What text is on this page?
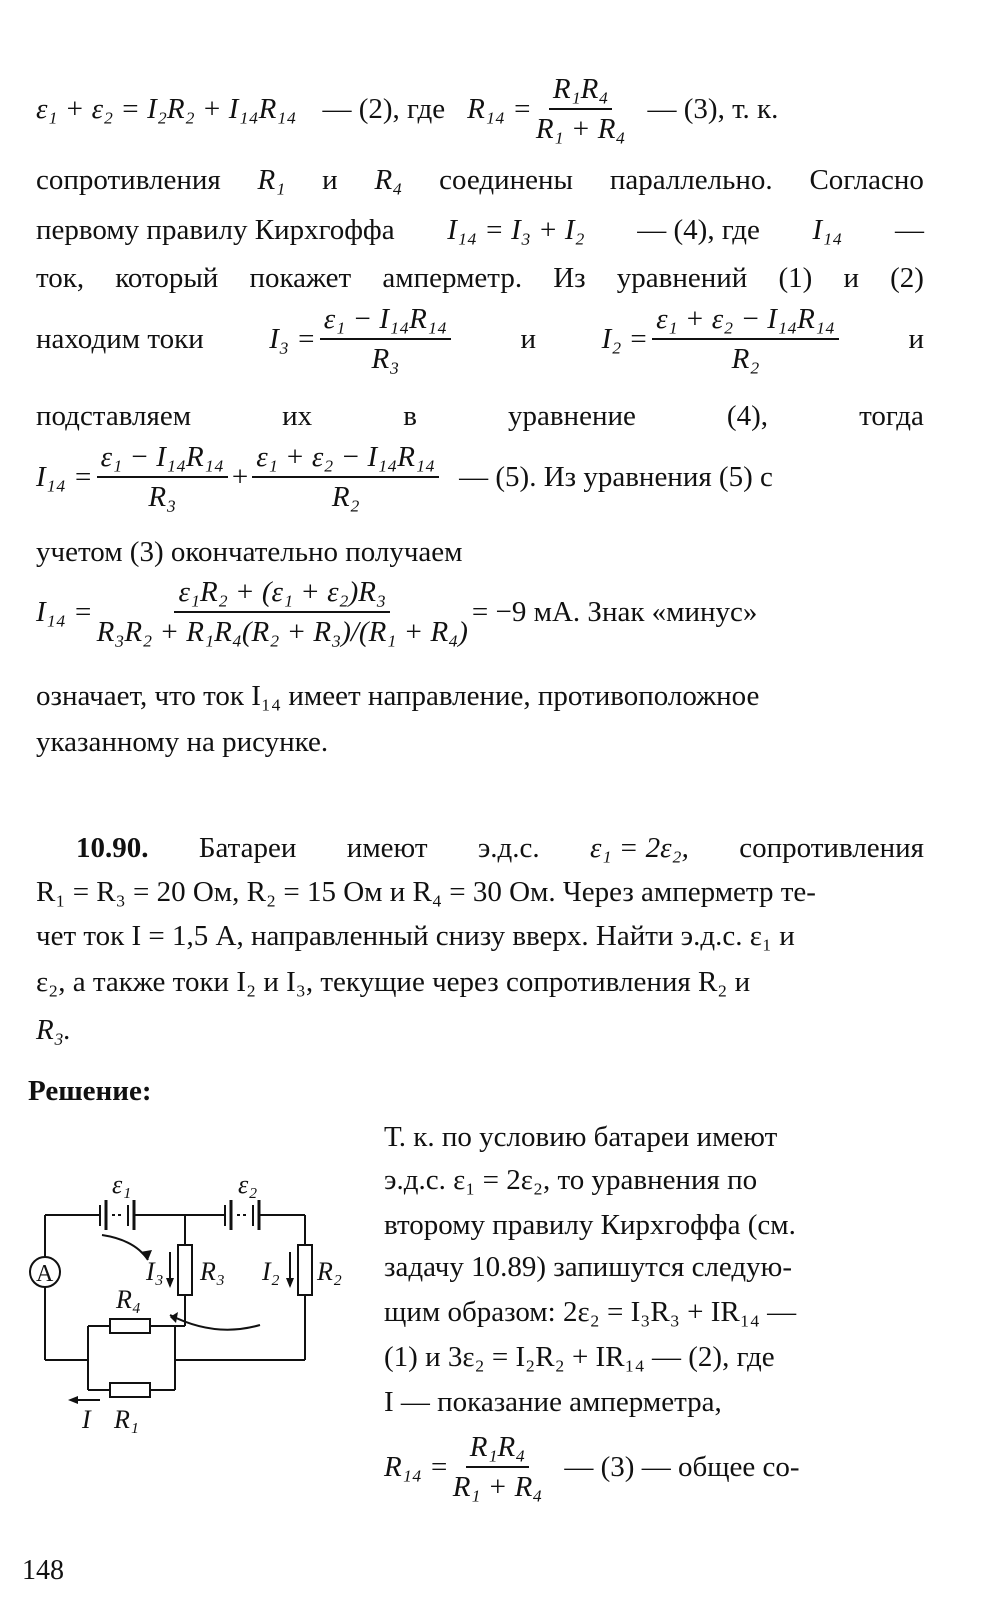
ε₁ + ε₂ = I₂R₂ + I₁₄R₁₄ — (2), где $R_{14} = \frac{\text{R₁R₄}}{\text{R₁ + R₄}}$ — (3), т. к.
сопротивления R₁ и R₄ соединены параллельно. Согласно
первому правилу Кирхгоффа I₁₄ = I₃ + I₂ — (4), где I₁₄ —
ток, который покажет амперметр. Из уравнений (1) и (2)
находим токи $I_3 = \frac{\text{ε₁ − I₁₄R₁₄}}{\text{R₃}}$ и $I_2 = \frac{\text{ε₁ + ε₂ − I₁₄R₁₄}}{\text{R₂}}$ и
подставляем	их	в	уравнение	(4),	тогда
$I_{14} = \frac{\text{ε₁ − I₁₄R₁₄}}{\text{R₃}} + \frac{\text{ε₁ + ε₂ − I₁₄R₁₄}}{\text{R₂}}$ — (5). Из уравнения (5) с
учетом (3) окончательно получаем
$I_{14} = \frac{\text{ε₁R₂ + (ε₁ + ε₂)R₃}}{\text{R₃R₂ + R₁R₄(R₂ + R₃)/(R₁ + R₄)}} = -9$ мА. Знак «минус»
означает, что ток I₁₄ имеет направление, противоположное
указанному на рисунке.
10.90. Батареи имеют э.д.с. ε₁ = 2ε₂, сопротивления
R₁ = R₃ = 20 Ом, R₂ = 15 Ом и R₄ = 30 Ом. Через амперметр те-
чет ток I = 1,5 А, направленный снизу вверх. Найти э.д.с. ε₁ и
ε₂, а также токи I₂ и I₃, текущие через сопротивления R₂ и
R₃.
Решение:
ε₁	ε₂
A	I₃ R₃ I₂ R₂
R₄
I R₁
Т. к. по условию батареи имеют
э.д.с. ε₁ = 2ε₂, то уравнения по
второму правилу Кирхгоффа (см.
задачу 10.89) запишутся следую-
щим образом: 2ε₂ = I₃R₃ + IR₁₄ —
(1) и 3ε₂ = I₂R₂ + IR₁₄ — (2), где
I — показание амперметра,
$R_{14} = \frac{\text{R₁R₄}}{\text{R₁ + R₄}}$ — (3) — общее со-
148
